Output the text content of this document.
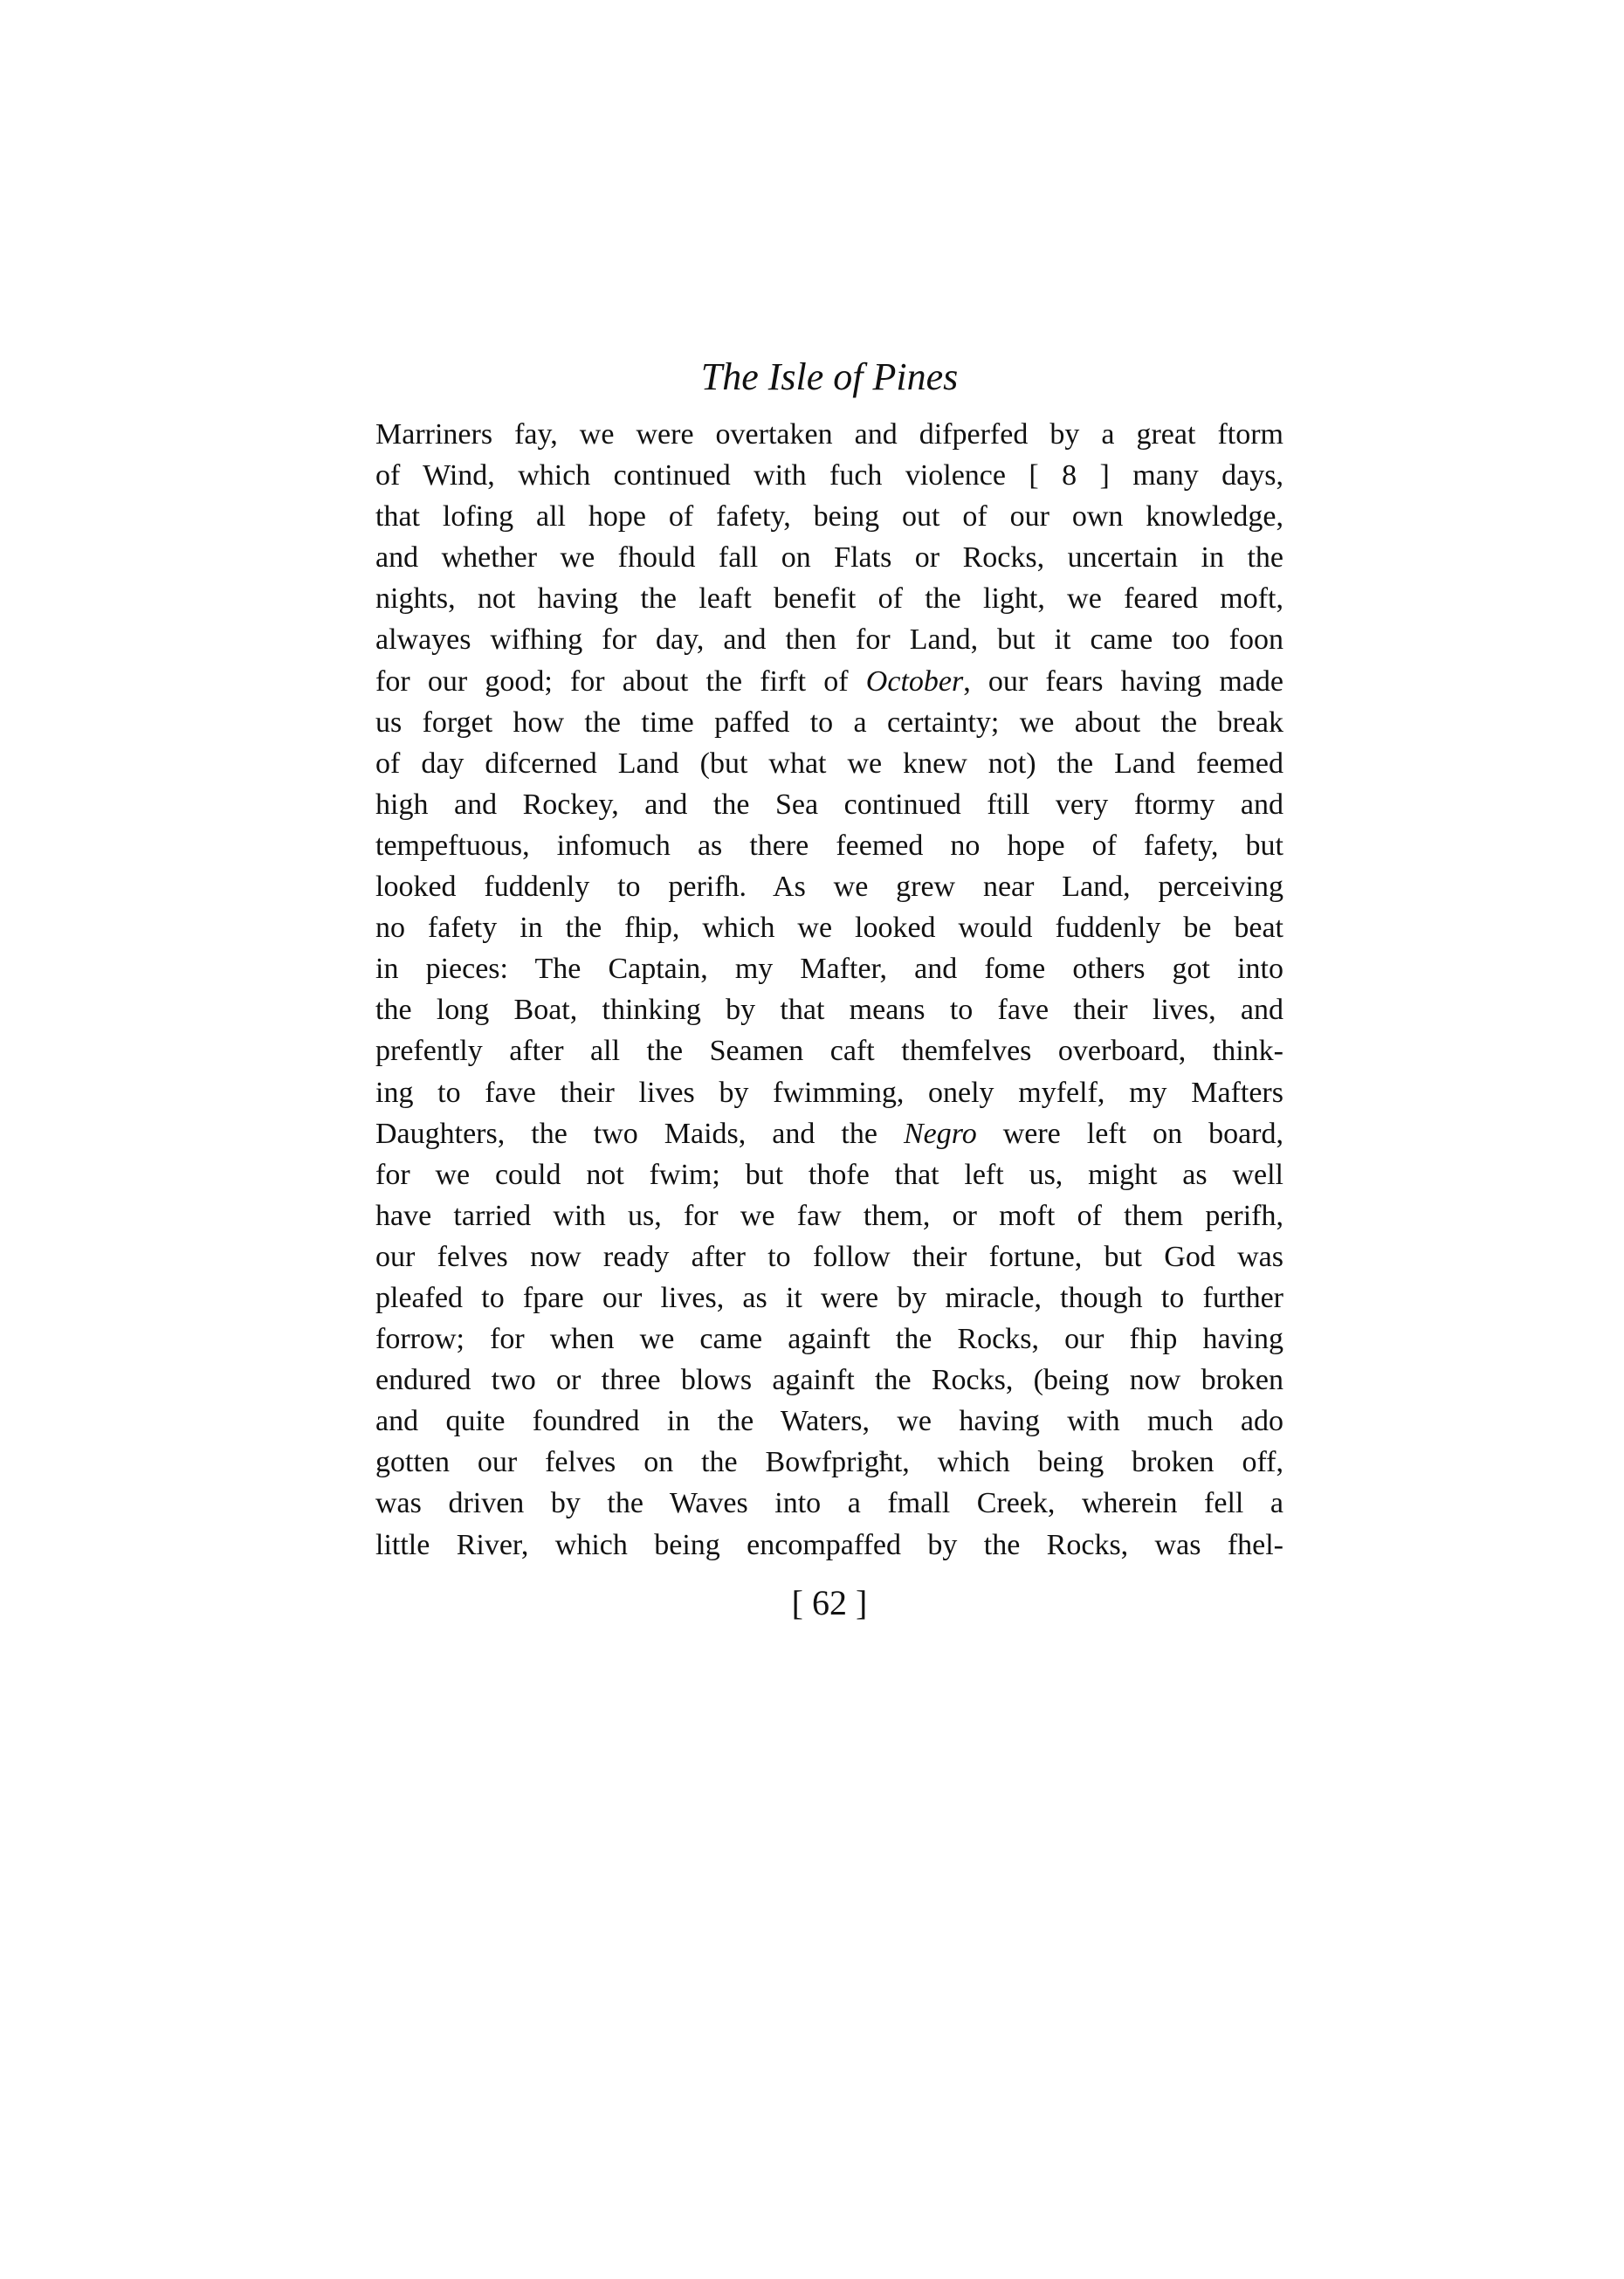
The Isle of Pines
Marriners fay, we were overtaken and difperfed by a great ftorm
of Wind, which continued with fuch violence [ 8 ] many days,
that lofing all hope of fafety, being out of our own knowledge,
and whether we fhould fall on Flats or Rocks, uncertain in the
nights, not having the leaft benefit of the light, we feared moft,
alwayes wifhing for day, and then for Land, but it came too foon
for our good; for about the firft of October, our fears having made
us forget how the time paffed to a certainty; we about the break
of day difcerned Land (but what we knew not) the Land feemed
high and Rockey, and the Sea continued ftill very ftormy and
tempeftuous, infomuch as there feemed no hope of fafety, but
looked fuddenly to perifh. As we grew near Land, perceiving
no fafety in the fhip, which we looked would fuddenly be beat
in pieces: The Captain, my Mafter, and fome others got into
the long Boat, thinking by that means to fave their lives, and
prefently after all the Seamen caft themfelves overboard, think-
ing to fave their lives by fwimming, onely myfelf, my Mafters
Daughters, the two Maids, and the Negro were left on board,
for we could not fwim; but thofe that left us, might as well
have tarried with us, for we faw them, or moft of them perifh,
our felves now ready after to follow their fortune, but God was
pleafed to fpare our lives, as it were by miracle, though to further
forrow; for when we came againft the Rocks, our fhip having
endured two or three blows againft the Rocks, (being now broken
and quite foundred in the Waters, we having with much ado
gotten our felves on the Bowfprigħt, which being broken off,
was driven by the Waves into a fmall Creek, wherein fell a
little River, which being encompaffed by the Rocks, was fhel-
[ 62 ]
